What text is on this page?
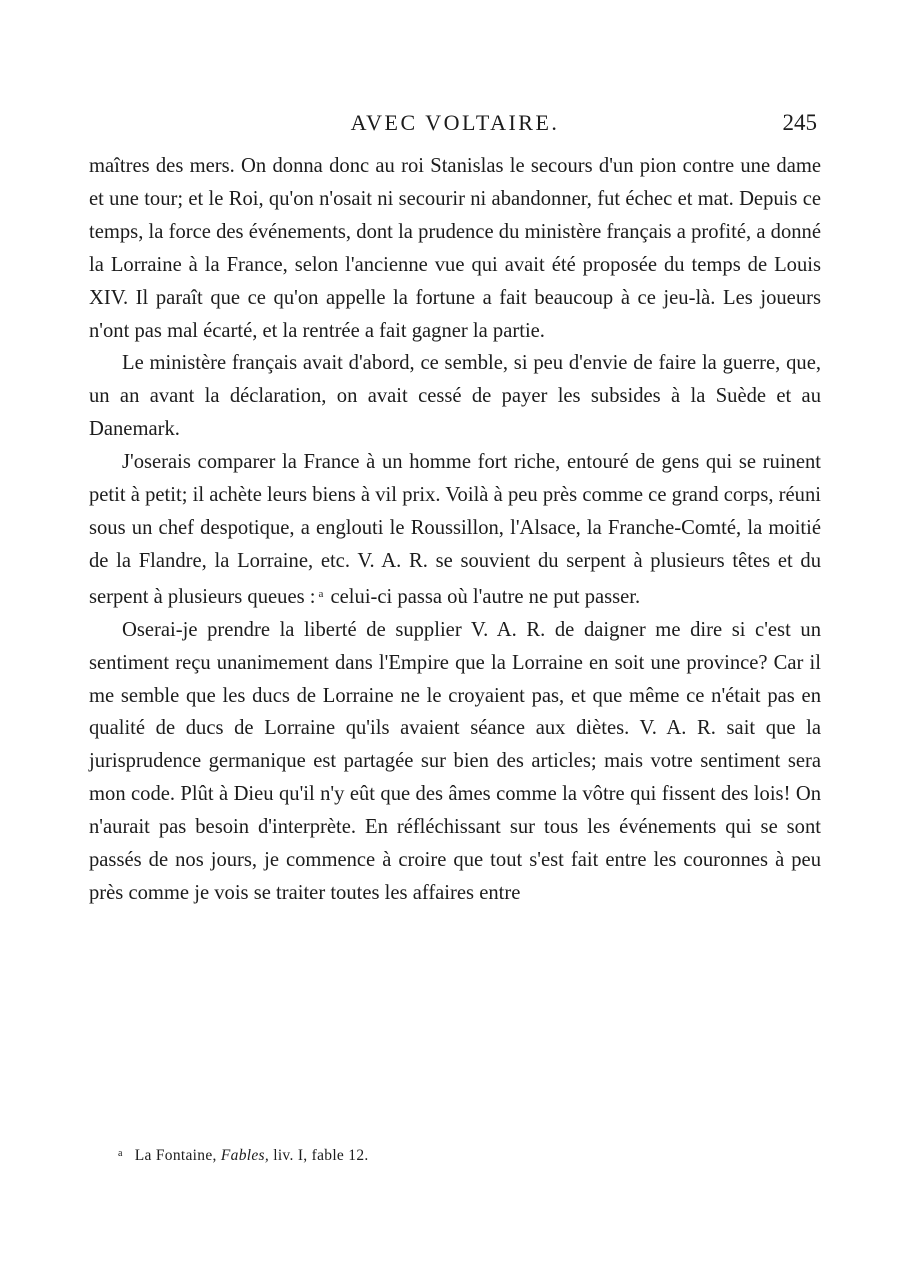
AVEC VOLTAIRE.	245

maîtres des mers. On donna donc au roi Stanislas le secours d'un pion contre une dame et une tour; et le Roi, qu'on n'osait ni secourir ni abandonner, fut échec et mat. Depuis ce temps, la force des événements, dont la prudence du ministère français a profité, a donné la Lorraine à la France, selon l'ancienne vue qui avait été proposée du temps de Louis XIV. Il paraît que ce qu'on appelle la fortune a fait beaucoup à ce jeu-là. Les joueurs n'ont pas mal écarté, et la rentrée a fait gagner la partie.

Le ministère français avait d'abord, ce semble, si peu d'envie de faire la guerre, que, un an avant la déclaration, on avait cessé de payer les subsides à la Suède et au Danemark.

J'oserais comparer la France à un homme fort riche, entouré de gens qui se ruinent petit à petit; il achète leurs biens à vil prix. Voilà à peu près comme ce grand corps, réuni sous un chef despotique, a englouti le Roussillon, l'Alsace, la Franche-Comté, la moitié de la Flandre, la Lorraine, etc. V. A. R. se souvient du serpent à plusieurs têtes et du serpent à plusieurs queues : $^a$ celui-ci passa où l'autre ne put passer.

Oserai-je prendre la liberté de supplier V. A. R. de daigner me dire si c'est un sentiment reçu unanimement dans l'Empire que la Lorraine en soit une province? Car il me semble que les ducs de Lorraine ne le croyaient pas, et que même ce n'était pas en qualité de ducs de Lorraine qu'ils avaient séance aux diètes. V. A. R. sait que la jurisprudence germanique est partagée sur bien des articles; mais votre sentiment sera mon code. Plût à Dieu qu'il n'y eût que des âmes comme la vôtre qui fissent des lois! On n'aurait pas besoin d'interprète. En réfléchissant sur tous les événements qui se sont passés de nos jours, je commence à croire que tout s'est fait entre les couronnes à peu près comme je vois se traiter toutes les affaires entre

$^a$ La Fontaine, Fables, liv. I, fable 12.
